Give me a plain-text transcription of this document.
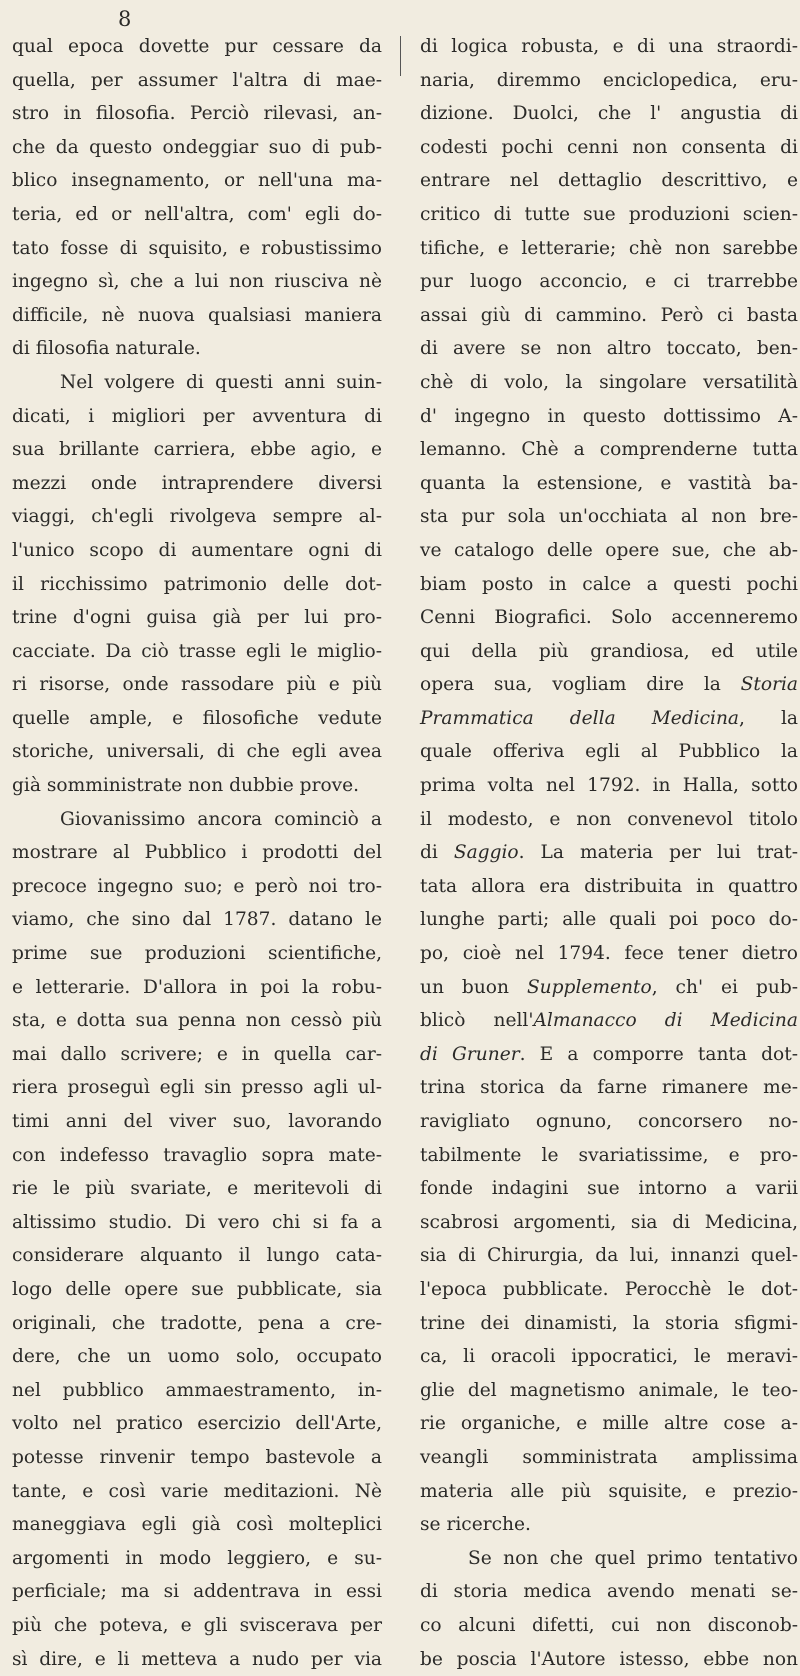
8
qual epoca dovette pur cessare da
quella, per assumer l'altra di mae-
stro in filosofia. Perciò rilevasi, an-
che da questo ondeggiar suo di pub-
blico insegnamento, or nell'una ma-
teria, ed or nell'altra, com' egli do-
tato fosse di squisito, e robustissimo
ingegno sì, che a lui non riusciva nè
difficile, nè nuova qualsiasi maniera
di filosofia naturale.
Nel volgere di questi anni suin-
dicati, i migliori per avventura di
sua brillante carriera, ebbe agio, e
mezzi onde intraprendere diversi
viaggi, ch'egli rivolgeva sempre al-
l'unico scopo di aumentare ogni di
il ricchissimo patrimonio delle dot-
trine d'ogni guisa già per lui pro-
cacciate. Da ciò trasse egli le miglio-
ri risorse, onde rassodare più e più
quelle ample, e filosofiche vedute
storiche, universali, di che egli avea
già somministrate non dubbie prove.
Giovanissimo ancora cominciò a
mostrare al Pubblico i prodotti del
precoce ingegno suo; e però noi tro-
viamo, che sino dal 1787. datano le
prime sue produzioni scientifiche,
e letterarie. D'allora in poi la robu-
sta, e dotta sua penna non cessò più
mai dallo scrivere; e in quella car-
riera proseguì egli sin presso agli ul-
timi anni del viver suo, lavorando
con indefesso travaglio sopra mate-
rie le più svariate, e meritevoli di
altissimo studio. Di vero chi si fa a
considerare alquanto il lungo cata-
logo delle opere sue pubblicate, sia
originali, che tradotte, pena a cre-
dere, che un uomo solo, occupato
nel pubblico ammaestramento, in-
volto nel pratico esercizio dell'Arte,
potesse rinvenir tempo bastevole a
tante, e così varie meditazioni. Nè
maneggiava egli già così molteplici
argomenti in modo leggiero, e su-
perficiale; ma si addentrava in essi
più che poteva, e gli sviscerava per
sì dire, e li metteva a nudo per via
di logica robusta, e di una straordi-
naria, diremmo enciclopedica, eru-
dizione. Duolci, che l' angustia di
codesti pochi cenni non consenta di
entrare nel dettaglio descrittivo, e
critico di tutte sue produzioni scien-
tifiche, e letterarie; chè non sarebbe
pur luogo acconcio, e ci trarrebbe
assai giù di cammino. Però ci basta
di avere se non altro toccato, ben-
chè di volo, la singolare versatilità
d' ingegno in questo dottissimo A-
lemanno. Chè a comprenderne tutta
quanta la estensione, e vastità ba-
sta pur sola un'occhiata al non bre-
ve catalogo delle opere sue, che ab-
biam posto in calce a questi pochi
Cenni Biografici. Solo accenneremo
qui della più grandiosa, ed utile
opera sua, vogliam dire la Storia
Prammatica della Medicina, la
quale offeriva egli al Pubblico la
prima volta nel 1792. in Halla, sotto
il modesto, e non convenevol titolo
di Saggio. La materia per lui trat-
tata allora era distribuita in quattro
lunghe parti; alle quali poi poco do-
po, cioè nel 1794. fece tener dietro
un buon Supplemento, ch' ei pub-
blicò nell'Almanacco di Medicina
di Gruner. E a comporre tanta dot-
trina storica da farne rimanere me-
ravigliato ognuno, concorsero no-
tabilmente le svariatissime, e pro-
fonde indagini sue intorno a varii
scabrosi argomenti, sia di Medicina,
sia di Chirurgia, da lui, innanzi quel-
l'epoca pubblicate. Perocchè le dot-
trine dei dinamisti, la storia sfigmi-
ca, li oracoli ippocratici, le meravi-
glie del magnetismo animale, le teo-
rie organiche, e mille altre cose a-
veangli somministrata amplissima
materia alle più squisite, e prezio-
se ricerche.
Se non che quel primo tentativo
di storia medica avendo menati se-
co alcuni difetti, cui non disconob-
be poscia l'Autore istesso, ebbe non
